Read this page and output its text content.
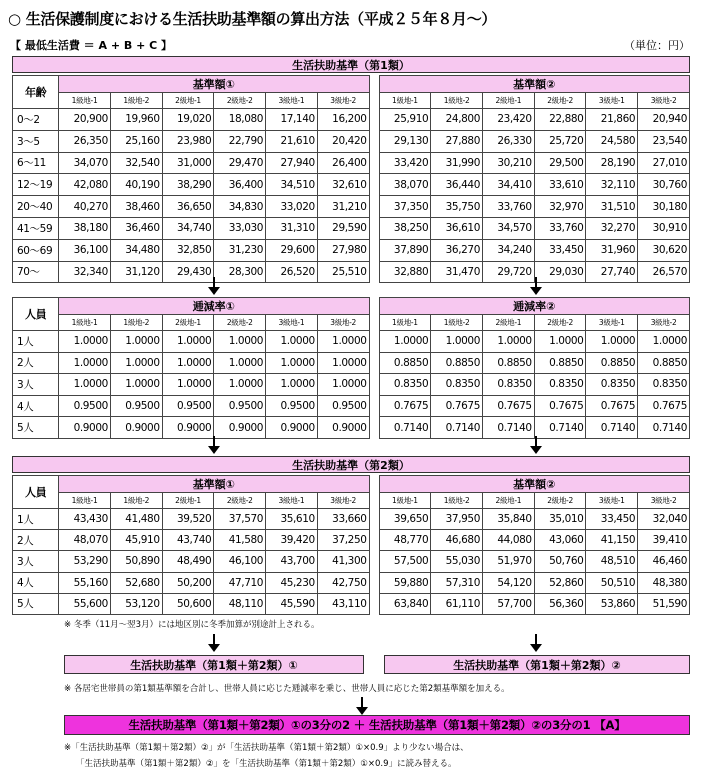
○ 生活保護制度における生活扶助基準額の算出方法（平成２５年８月～）
【 最低生活費 ＝ A + B + C 】	（単位：円）
生活扶助基準（第1類）
年齢	基準額①							基準額②					
	1級地-1	1級地-2	2級地-1	2級地-2	3級地-1	3級地-2		1級地-1	1級地-2	2級地-1	2級地-2	3級地-1	3級地-2
0～2	20,900	19,960	19,020	18,080	17,140	16,200		25,910	24,800	23,420	22,880	21,860	20,940
3～5	26,350	25,160	23,980	22,790	21,610	20,420		29,130	27,880	26,330	25,720	24,580	23,540
6～11	34,070	32,540	31,000	29,470	27,940	26,400		33,420	31,990	30,210	29,500	28,190	27,010
12～19	42,080	40,190	38,290	36,400	34,510	32,610		38,070	36,440	34,410	33,610	32,110	30,760
20～40	40,270	38,460	36,650	34,830	33,020	31,210		37,350	35,750	33,760	32,970	31,510	30,180
41～59	38,180	36,460	34,740	33,030	31,310	29,590		38,250	36,610	34,570	33,760	32,270	30,910
60～69	36,100	34,480	32,850	31,230	29,600	27,980		37,890	36,270	34,240	33,450	31,960	30,620
70～	32,340	31,120	29,430	28,300	26,520	25,510		32,880	31,470	29,720	29,030	27,740	26,570
人員	逓減率①							逓減率②					
	1級地-1	1級地-2	2級地-1	2級地-2	3級地-1	3級地-2		1級地-1	1級地-2	2級地-1	2級地-2	3級地-1	3級地-2
1人	1.0000	1.0000	1.0000	1.0000	1.0000	1.0000		1.0000	1.0000	1.0000	1.0000	1.0000	1.0000
2人	1.0000	1.0000	1.0000	1.0000	1.0000	1.0000		0.8850	0.8850	0.8850	0.8850	0.8850	0.8850
3人	1.0000	1.0000	1.0000	1.0000	1.0000	1.0000		0.8350	0.8350	0.8350	0.8350	0.8350	0.8350
4人	0.9500	0.9500	0.9500	0.9500	0.9500	0.9500		0.7675	0.7675	0.7675	0.7675	0.7675	0.7675
5人	0.9000	0.9000	0.9000	0.9000	0.9000	0.9000		0.7140	0.7140	0.7140	0.7140	0.7140	0.7140
生活扶助基準（第2類）
人員	基準額①							基準額②					
	1級地-1	1級地-2	2級地-1	2級地-2	3級地-1	3級地-2		1級地-1	1級地-2	2級地-1	2級地-2	3級地-1	3級地-2
1人	43,430	41,480	39,520	37,570	35,610	33,660		39,650	37,950	35,840	35,010	33,450	32,040
2人	48,070	45,910	43,740	41,580	39,420	37,250		48,770	46,680	44,080	43,060	41,150	39,410
3人	53,290	50,890	48,490	46,100	43,700	41,300		57,500	55,030	51,970	50,760	48,510	46,460
4人	55,160	52,680	50,200	47,710	45,230	42,750		59,880	57,310	54,120	52,860	50,510	48,380
5人	55,600	53,120	50,600	48,110	45,590	43,110		63,840	61,110	57,700	56,360	53,860	51,590
※ 冬季（11月～翌3月）には地区別に冬季加算が別途計上される。
生活扶助基準（第1類＋第2類）①	生活扶助基準（第1類＋第2類）②
※ 各居宅世帯員の第1類基準額を合計し、世帯人員に応じた逓減率を乗じ、世帯人員に応じた第2類基準額を加える。
生活扶助基準（第1類＋第2類）①の3分の2 ＋ 生活扶助基準（第1類＋第2類）②の3分の1 【A】
※「生活扶助基準（第1類＋第2類）②」が「生活扶助基準（第1類＋第2類）①×0.9」より少ない場合は、
「生活扶助基準（第1類＋第2類）②」を「生活扶助基準（第1類＋第2類）①×0.9」に読み替える。
